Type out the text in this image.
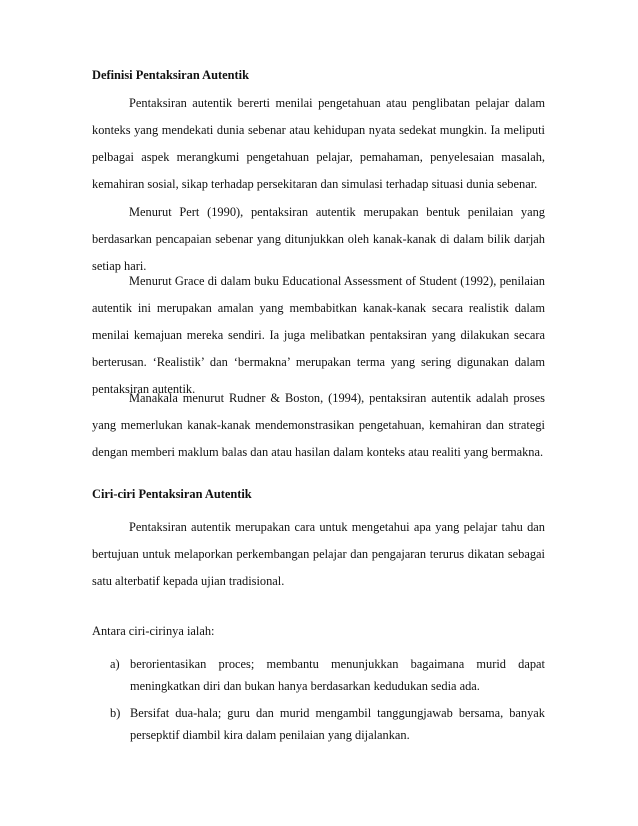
Definisi Pentaksiran Autentik
Pentaksiran autentik bererti menilai pengetahuan atau penglibatan pelajar dalam konteks yang mendekati dunia sebenar atau kehidupan nyata sedekat mungkin. Ia meliputi pelbagai aspek merangkumi pengetahuan pelajar, pemahaman, penyelesaian masalah, kemahiran sosial, sikap terhadap persekitaran dan simulasi terhadap situasi dunia sebenar.
Menurut Pert (1990), pentaksiran autentik merupakan bentuk penilaian yang berdasarkan pencapaian sebenar yang ditunjukkan oleh kanak-kanak di dalam bilik darjah setiap hari.
Menurut Grace di dalam buku Educational Assessment of Student (1992), penilaian autentik ini merupakan amalan yang membabitkan kanak-kanak secara realistik dalam menilai kemajuan mereka sendiri. Ia juga melibatkan pentaksiran yang dilakukan secara berterusan. ‘Realistik’ dan ‘bermakna’ merupakan terma yang sering digunakan dalam pentaksiran autentik.
Manakala menurut Rudner & Boston, (1994), pentaksiran autentik adalah proses yang memerlukan kanak-kanak mendemonstrasikan pengetahuan, kemahiran dan strategi dengan memberi maklum balas dan atau hasilan dalam konteks atau realiti yang bermakna.
Ciri-ciri Pentaksiran Autentik
Pentaksiran autentik merupakan cara untuk mengetahui apa yang pelajar tahu dan bertujuan untuk melaporkan perkembangan pelajar dan pengajaran terurus dikatan sebagai satu alterbatif kepada ujian tradisional.
Antara ciri-cirinya ialah:
a) berorientasikan proces; membantu menunjukkan bagaimana murid dapat meningkatkan diri dan bukan hanya berdasarkan kedudukan sedia ada.
b) Bersifat dua-hala; guru dan murid mengambil tanggungjawab bersama, banyak persepktif diambil kira dalam penilaian yang dijalankan.
